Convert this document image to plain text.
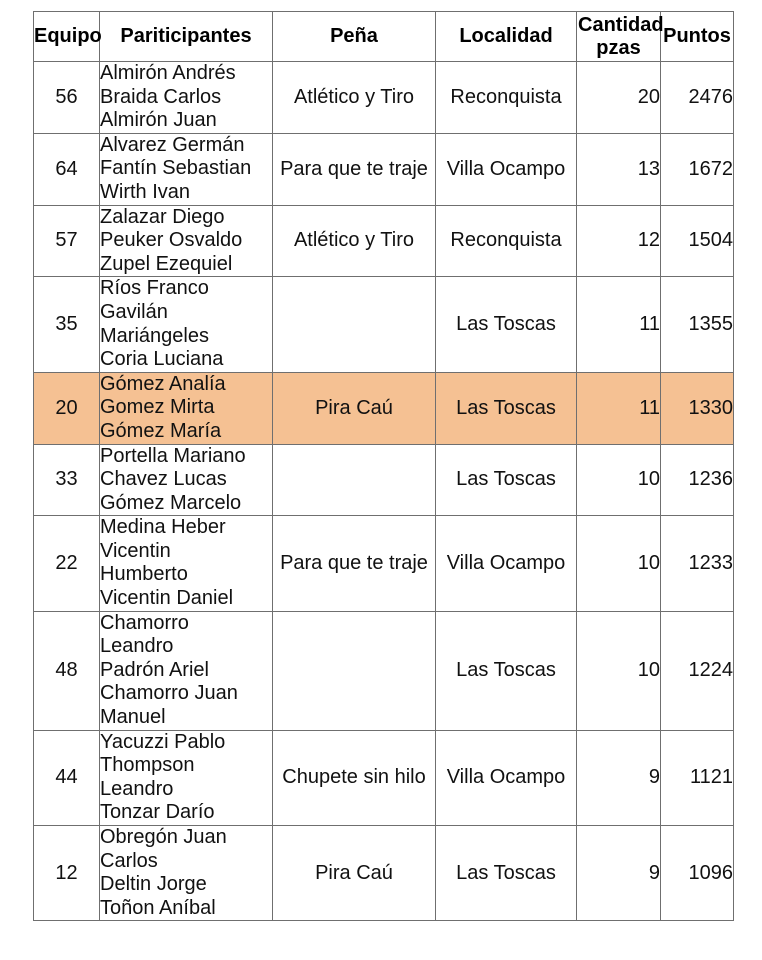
Equipo	Pariticipantes	Peña	Localidad	Cantidad pzas	Puntos
56	Almirón Andrés
Braida Carlos
Almirón Juan	Atlético y Tiro	Reconquista	20	2476
64	Alvarez Germán
Fantín Sebastian
Wirth Ivan	Para que te traje	Villa Ocampo	13	1672
57	Zalazar Diego
Peuker Osvaldo
Zupel Ezequiel	Atlético y Tiro	Reconquista	12	1504
35	Ríos Franco
Gavilán
Mariángeles
Coria Luciana		Las Toscas	11	1355
20	Gómez Analía
Gomez Mirta
Gómez María	Pira Caú	Las Toscas	11	1330
33	Portella Mariano
Chavez Lucas
Gómez Marcelo		Las Toscas	10	1236
22	Medina Heber
Vicentin
Humberto
Vicentin Daniel	Para que te traje	Villa Ocampo	10	1233
48	Chamorro
Leandro
Padrón Ariel
Chamorro Juan
Manuel		Las Toscas	10	1224
44	Yacuzzi Pablo
Thompson
Leandro
Tonzar Darío	Chupete sin hilo	Villa Ocampo	9	1121
12	Obregón Juan
Carlos
Deltin Jorge
Toñon Aníbal	Pira Caú	Las Toscas	9	1096
